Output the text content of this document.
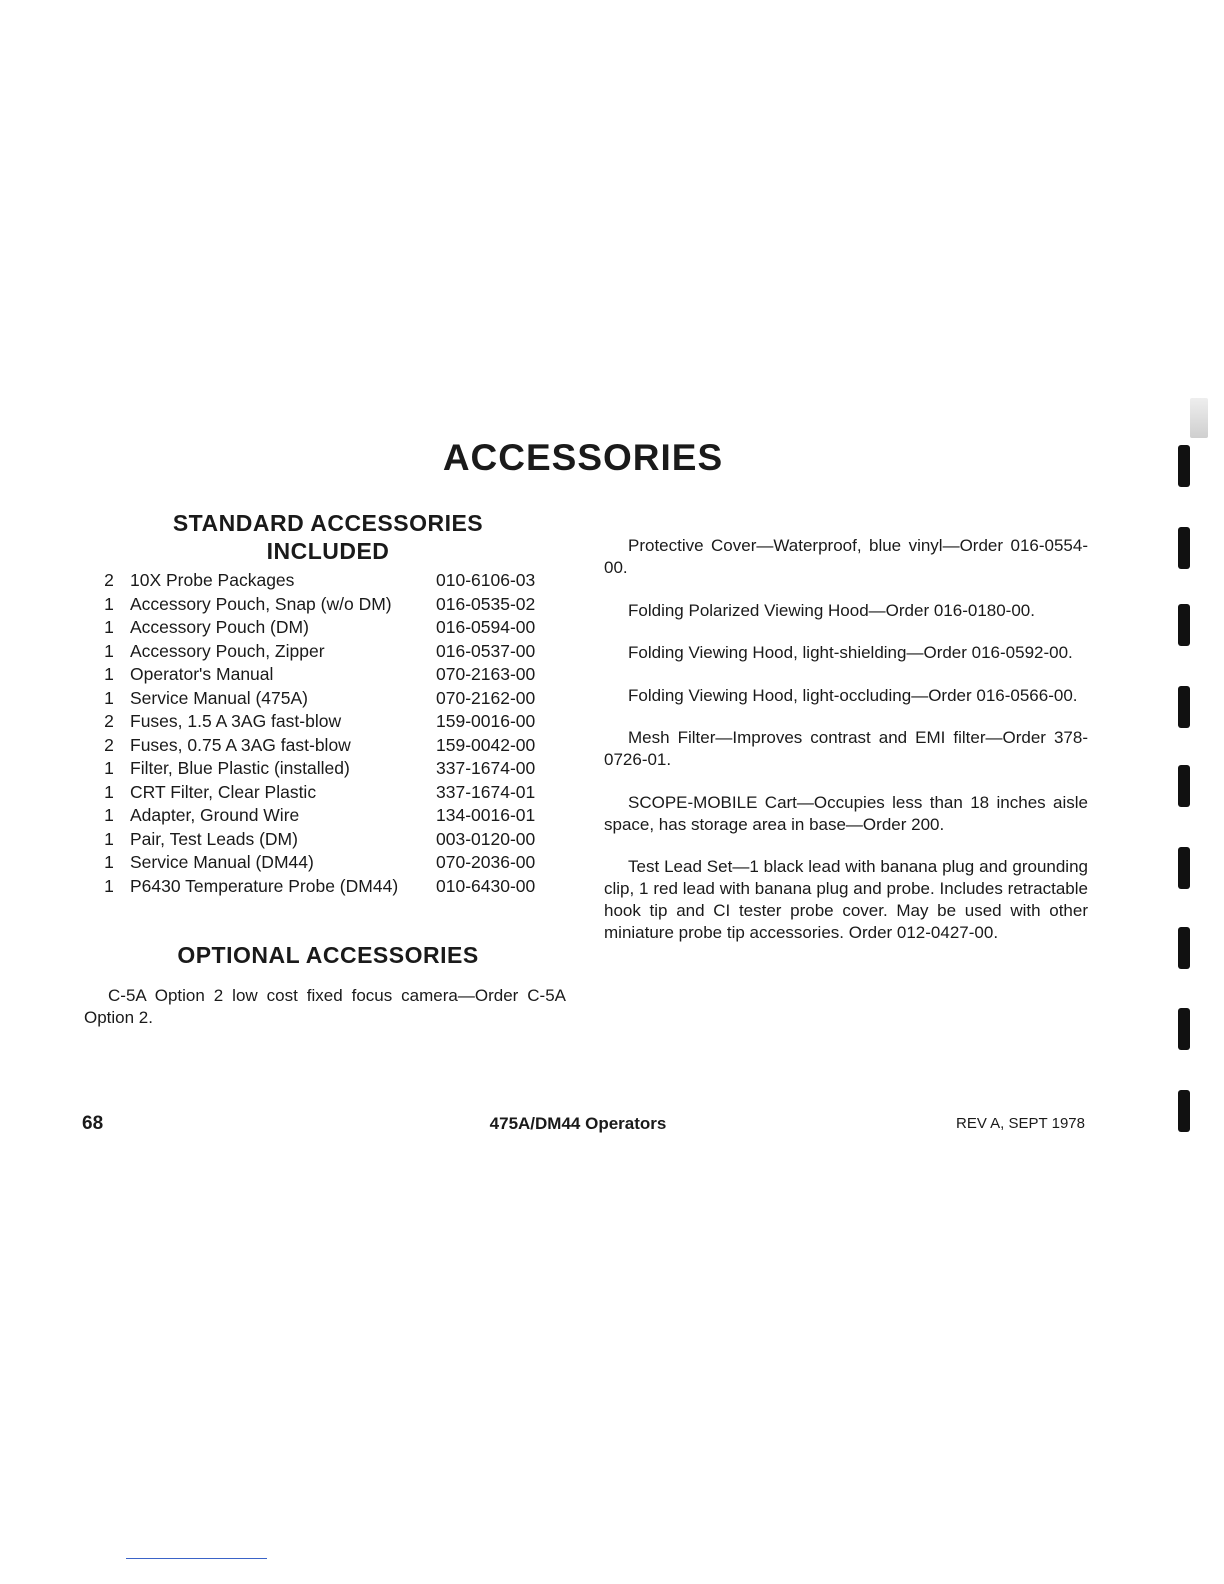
ACCESSORIES
STANDARD ACCESSORIES
INCLUDED
2	10X Probe Packages	010-6106-03
1	Accessory Pouch, Snap (w/o DM)	016-0535-02
1	Accessory Pouch (DM)	016-0594-00
1	Accessory Pouch, Zipper	016-0537-00
1	Operator's Manual	070-2163-00
1	Service Manual (475A)	070-2162-00
2	Fuses, 1.5 A 3AG fast-blow	159-0016-00
2	Fuses, 0.75 A 3AG fast-blow	159-0042-00
1	Filter, Blue Plastic (installed)	337-1674-00
1	CRT Filter, Clear Plastic	337-1674-01
1	Adapter, Ground Wire	134-0016-01
1	Pair, Test Leads (DM)	003-0120-00
1	Service Manual (DM44)	070-2036-00
1	P6430 Temperature Probe (DM44)	010-6430-00
OPTIONAL ACCESSORIES
C-5A Option 2 low cost fixed focus camera—Order C-5A Option 2.

Protective Cover—Waterproof, blue vinyl—Order 016-0554-00.

Folding Polarized Viewing Hood—Order 016-0180-00.

Folding Viewing Hood, light-shielding—Order 016-0592-00.

Folding Viewing Hood, light-occluding—Order 016-0566-00.

Mesh Filter—Improves contrast and EMI filter—Order 378-0726-01.

SCOPE-MOBILE Cart—Occupies less than 18 inches aisle space, has storage area in base—Order 200.

Test Lead Set—1 black lead with banana plug and grounding clip, 1 red lead with banana plug and probe. Includes retractable hook tip and CI tester probe cover. May be used with other miniature probe tip accessories. Order 012-0427-00.

68	475A/DM44 Operators	REV A, SEPT 1978
